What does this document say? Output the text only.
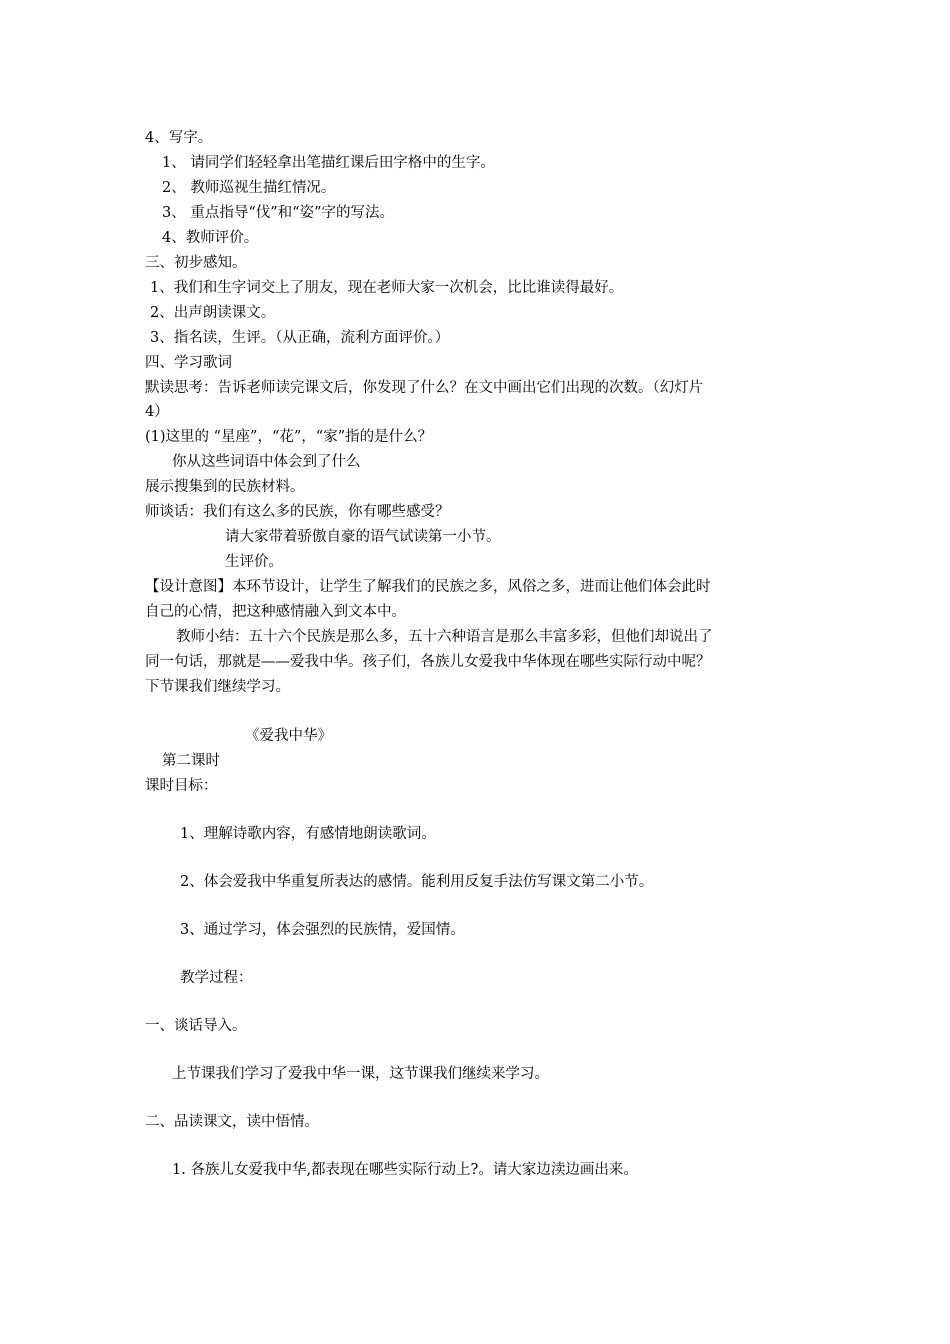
4、写字。

1、 请同学们轻轻拿出笔描红课后田字格中的生字。

2、 教师巡视生描红情况。

3、 重点指导“伐”和“姿”字的写法。

4、教师评价。

三、初步感知。

1、我们和生字词交上了朋友，现在老师大家一次机会，比比谁读得最好。

2、出声朗读课文。

3、指名读，生评。（从正确，流利方面评价。）

四、学习歌词

默读思考：告诉老师读完课文后，你发现了什么？在文中画出它们出现的次数。（幻灯片

4）

(1)这里的 “星座”，“花”，“家”指的是什么？

你从这些词语中体会到了什么

展示搜集到的民族材料。

师谈话：我们有这么多的民族，你有哪些感受？

请大家带着骄傲自豪的语气试读第一小节。

生评价。

【设计意图】本环节设计，让学生了解我们的民族之多，风俗之多，进而让他们体会此时

自己的心情，把这种感情融入到文本中。

教师小结：五十六个民族是那么多，五十六种语言是那么丰富多彩，但他们却说出了

同一句话，那就是——爱我中华。孩子们，各族儿女爱我中华体现在哪些实际行动中呢？

下节课我们继续学习。

《爱我中华》

第二课时

课时目标：

1、理解诗歌内容，有感情地朗读歌词。

2、体会爱我中华重复所表达的感情。能利用反复手法仿写课文第二小节。

3、通过学习，体会强烈的民族情，爱国情。

教学过程：

一、谈话导入。

上节课我们学习了爱我中华一课，这节课我们继续来学习。

二、品读课文，读中悟情。

1. 各族儿女爱我中华,都表现在哪些实际行动上?。请大家边渎边画出来。
